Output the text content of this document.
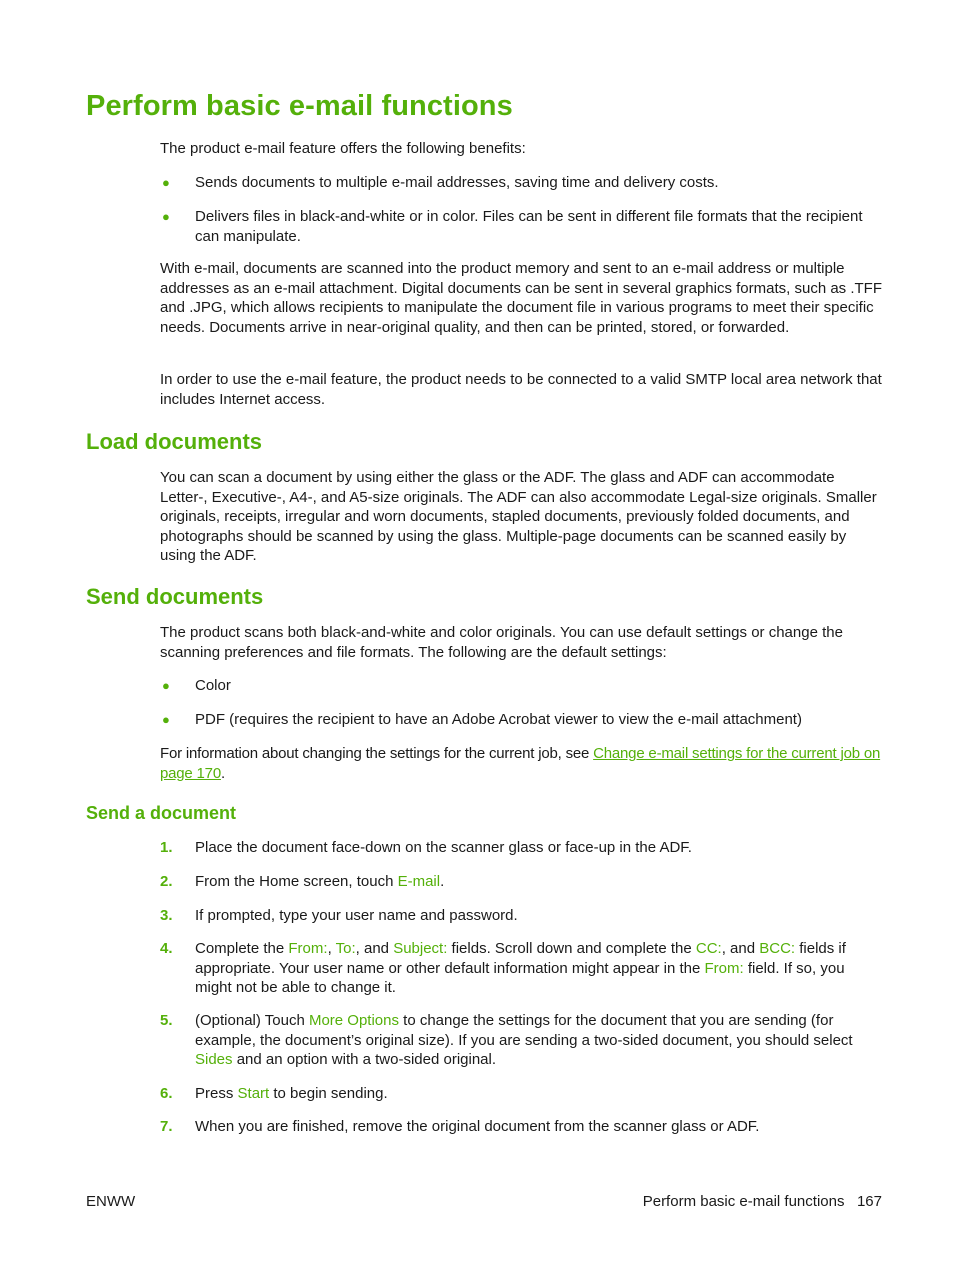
Perform basic e-mail functions

The product e-mail feature offers the following benefits:

● Sends documents to multiple e-mail addresses, saving time and delivery costs.
● Delivers files in black-and-white or in color. Files can be sent in different file formats that the recipient can manipulate.

With e-mail, documents are scanned into the product memory and sent to an e-mail address or multiple addresses as an e-mail attachment. Digital documents can be sent in several graphics formats, such as .TFF and .JPG, which allows recipients to manipulate the document file in various programs to meet their specific needs. Documents arrive in near-original quality, and then can be printed, stored, or forwarded.

In order to use the e-mail feature, the product needs to be connected to a valid SMTP local area network that includes Internet access.

Load documents

You can scan a document by using either the glass or the ADF. The glass and ADF can accommodate Letter-, Executive-, A4-, and A5-size originals. The ADF can also accommodate Legal-size originals. Smaller originals, receipts, irregular and worn documents, stapled documents, previously folded documents, and photographs should be scanned by using the glass. Multiple-page documents can be scanned easily by using the ADF.

Send documents

The product scans both black-and-white and color originals. You can use default settings or change the scanning preferences and file formats. The following are the default settings:

● Color
● PDF (requires the recipient to have an Adobe Acrobat viewer to view the e-mail attachment)

For information about changing the settings for the current job, see Change e-mail settings for the current job on page 170.

Send a document
1.	Place the document face-down on the scanner glass or face-up in the ADF.
2.	From the Home screen, touch E-mail.
3.	If prompted, type your user name and password.
4.	Complete the From:, To:, and Subject: fields. Scroll down and complete the CC:, and BCC: fields if appropriate. Your user name or other default information might appear in the From: field. If so, you might not be able to change it.
5.	(Optional) Touch More Options to change the settings for the document that you are sending (for example, the document’s original size). If you are sending a two-sided document, you should select Sides and an option with a two-sided original.
6.	Press Start to begin sending.
7.	When you are finished, remove the original document from the scanner glass or ADF.
ENWW	Perform basic e-mail functions   167
